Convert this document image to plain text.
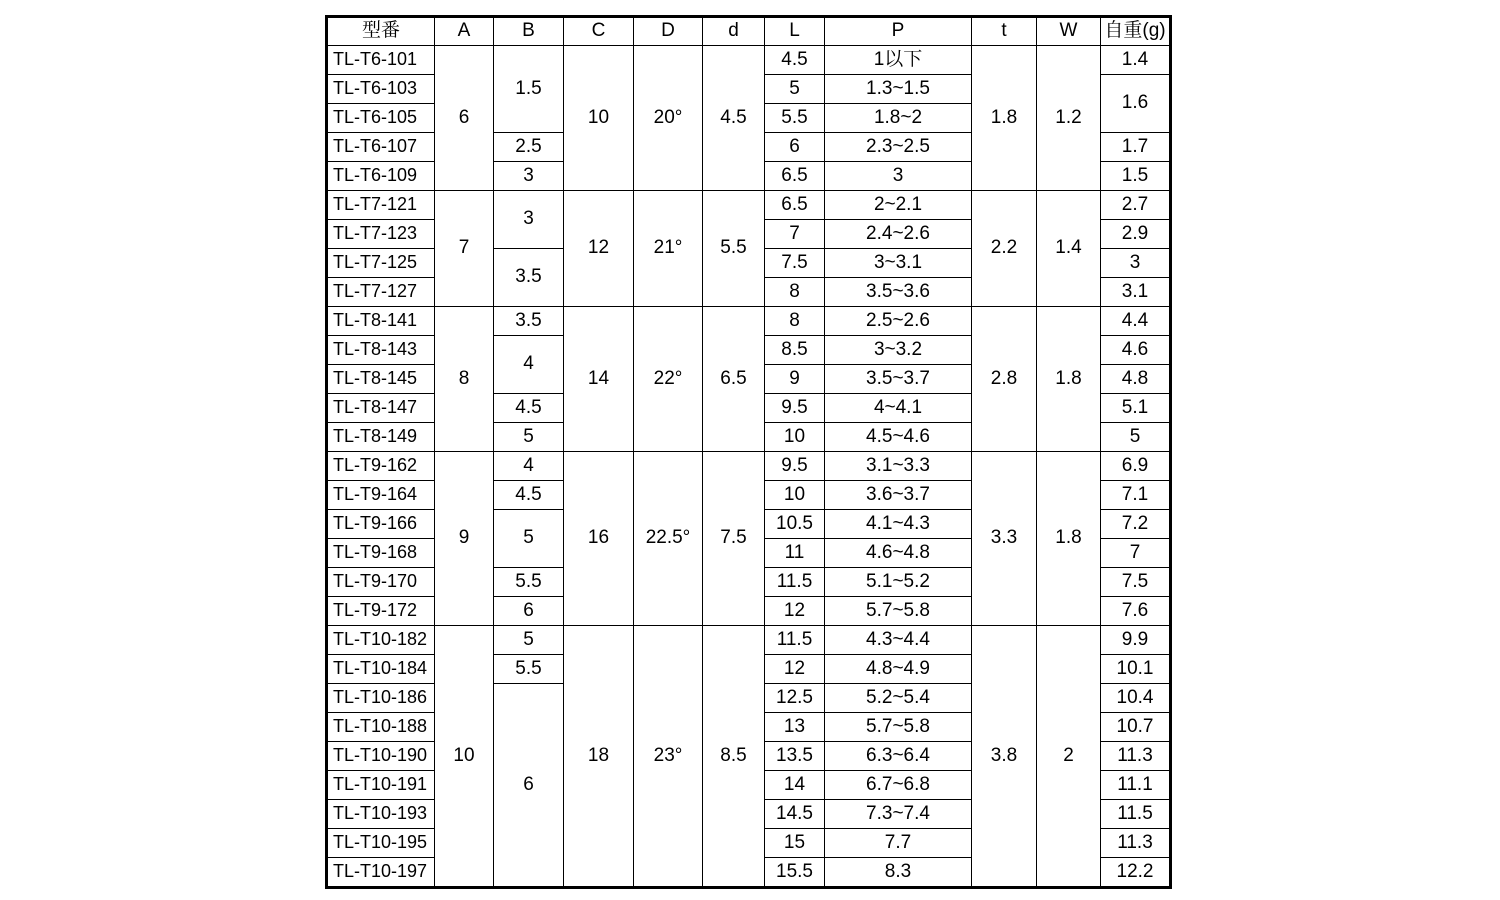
型番	A	B	C	D	d	L	P	t	W	自重(g)
TL-T6-101	6	1.5	10	20°	4.5	4.5	1以下	1.8	1.2	1.4
TL-T6-103						5	1.3~1.5			1.6
TL-T6-105						5.5	1.8~2			
TL-T6-107		2.5				6	2.3~2.5			1.7
TL-T6-109		3				6.5	3			1.5
TL-T7-121	7	3	12	21°	5.5	6.5	2~2.1	2.2	1.4	2.7
TL-T7-123						7	2.4~2.6			2.9
TL-T7-125		3.5				7.5	3~3.1			3
TL-T7-127						8	3.5~3.6			3.1
TL-T8-141	8	3.5	14	22°	6.5	8	2.5~2.6	2.8	1.8	4.4
TL-T8-143		4				8.5	3~3.2			4.6
TL-T8-145						9	3.5~3.7			4.8
TL-T8-147		4.5				9.5	4~4.1			5.1
TL-T8-149		5				10	4.5~4.6			5
TL-T9-162	9	4	16	22.5°	7.5	9.5	3.1~3.3	3.3	1.8	6.9
TL-T9-164		4.5				10	3.6~3.7			7.1
TL-T9-166		5				10.5	4.1~4.3			7.2
TL-T9-168						11	4.6~4.8			7
TL-T9-170		5.5				11.5	5.1~5.2			7.5
TL-T9-172		6				12	5.7~5.8			7.6
TL-T10-182	10	5	18	23°	8.5	11.5	4.3~4.4	3.8	2	9.9
TL-T10-184		5.5				12	4.8~4.9			10.1
TL-T10-186		6				12.5	5.2~5.4			10.4
TL-T10-188						13	5.7~5.8			10.7
TL-T10-190						13.5	6.3~6.4			11.3
TL-T10-191						14	6.7~6.8			11.1
TL-T10-193						14.5	7.3~7.4			11.5
TL-T10-195						15	7.7			11.3
TL-T10-197						15.5	8.3			12.2
